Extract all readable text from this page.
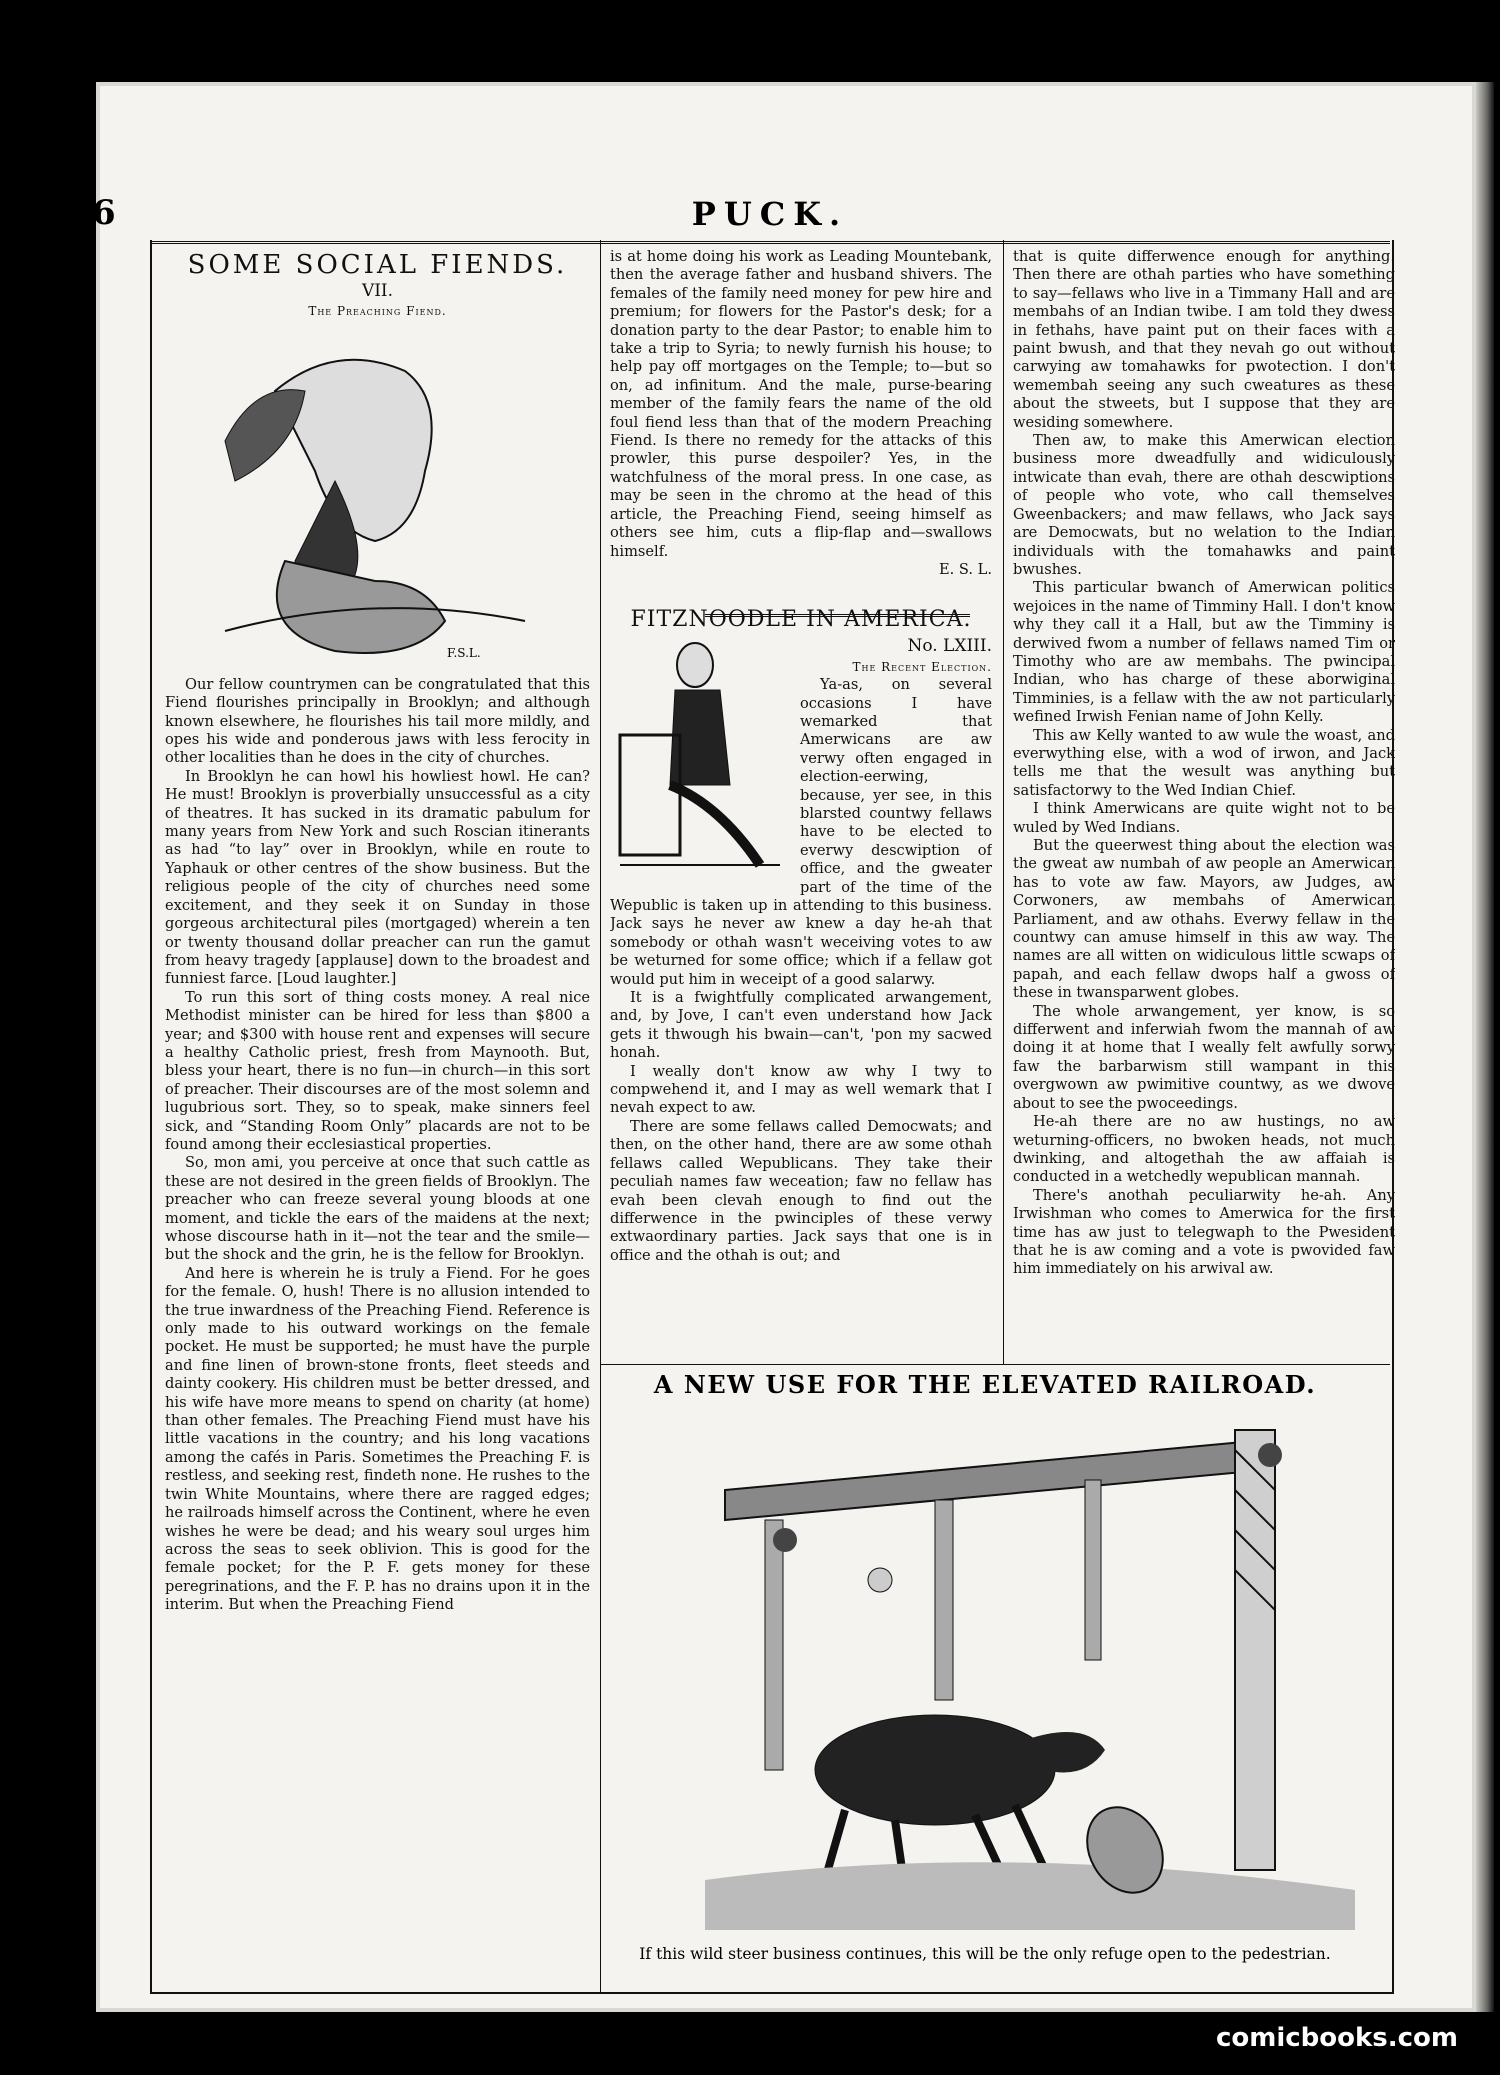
6	PUCK.
SOME SOCIAL FIENDS.
VII.
The Preaching Fiend.
F.S.L.

Our fellow countrymen can be congratulated that this Fiend flourishes principally in Brooklyn; and although known elsewhere, he flourishes his tail more mildly, and opes his wide and ponderous jaws with less ferocity in other localities than he does in the city of churches.

In Brooklyn he can howl his howliest howl. He can? He must! Brooklyn is proverbially unsuccessful as a city of theatres. It has sucked in its dramatic pabulum for many years from New York and such Roscian itinerants as had “to lay” over in Brooklyn, while en route to Yaphauk or other centres of the show business. But the religious people of the city of churches need some excitement, and they seek it on Sunday in those gorgeous architectural piles (mortgaged) wherein a ten or twenty thousand dollar preacher can run the gamut from heavy tragedy [applause] down to the broadest and funniest farce. [Loud laughter.]

To run this sort of thing costs money. A real nice Methodist minister can be hired for less than $800 a year; and $300 with house rent and expenses will secure a healthy Catholic priest, fresh from Maynooth. But, bless your heart, there is no fun—in church—in this sort of preacher. Their discourses are of the most solemn and lugubrious sort. They, so to speak, make sinners feel sick, and “Standing Room Only” placards are not to be found among their ecclesiastical properties.

So, mon ami, you perceive at once that such cattle as these are not desired in the green fields of Brooklyn. The preacher who can freeze several young bloods at one moment, and tickle the ears of the maidens at the next; whose discourse hath in it—not the tear and the smile—but the shock and the grin, he is the fellow for Brooklyn.

And here is wherein he is truly a Fiend. For he goes for the female. O, hush! There is no allusion intended to the true inwardness of the Preaching Fiend. Reference is only made to his outward workings on the female pocket. He must be supported; he must have the purple and fine linen of brown-stone fronts, fleet steeds and dainty cookery. His children must be better dressed, and his wife have more means to spend on charity (at home) than other females. The Preaching Fiend must have his little vacations in the country; and his long vacations among the cafés in Paris. Sometimes the Preaching F. is restless, and seeking rest, findeth none. He rushes to the twin White Mountains, where there are ragged edges; he railroads himself across the Continent, where he even wishes he were be dead; and his weary soul urges him across the seas to seek oblivion. This is good for the female pocket; for the P. F. gets money for these peregrinations, and the F. P. has no drains upon it in the interim. But when the Preaching Fiend

is at home doing his work as Leading Mountebank, then the average father and husband shivers. The females of the family need money for pew hire and premium; for flowers for the Pastor's desk; for a donation party to the dear Pastor; to enable him to take a trip to Syria; to newly furnish his house; to help pay off mortgages on the Temple; to—but so on, ad infinitum. And the male, purse-bearing member of the family fears the name of the old foul fiend less than that of the modern Preaching Fiend. Is there no remedy for the attacks of this prowler, this purse despoiler? Yes, in the watchfulness of the moral press. In one case, as may be seen in the chromo at the head of this article, the Preaching Fiend, seeing himself as others see him, cuts a flip-flap and—swallows himself.

E. S. L.
FITZNOODLE IN AMERICA.
No. LXIII.
The Recent Election.

Ya-as, on several occasions I have wemarked that Amerwicans are aw verwy often engaged in election-eerwing, because, yer see, in this blarsted countwy fellaws have to be elected to everwy descwiption of office, and the gweater part of the time of the Wepublic is taken up in attending to this business. Jack says he never aw knew a day he-ah that somebody or othah wasn't weceiving votes to aw be weturned for some office; which if a fellaw got would put him in weceipt of a good salarwy.

It is a fwightfully complicated arwangement, and, by Jove, I can't even understand how Jack gets it thwough his bwain—can't, 'pon my sacwed honah.

I weally don't know aw why I twy to compwehend it, and I may as well wemark that I nevah expect to aw.

There are some fellaws called Democwats; and then, on the other hand, there are aw some othah fellaws called Wepublicans. They take their peculiah names faw weceation; faw no fellaw has evah been clevah enough to find out the differwence in the pwinciples of these verwy extwaordinary parties. Jack says that one is in office and the othah is out; and

that is quite differwence enough for anything. Then there are othah parties who have something to say—fellaws who live in a Timmany Hall and are membahs of an Indian twibe. I am told they dwess in fethahs, have paint put on their faces with a paint bwush, and that they nevah go out without carwying aw tomahawks for pwotection. I don't wemembah seeing any such cweatures as these about the stweets, but I suppose that they are wesiding somewhere.

Then aw, to make this Amerwican election business more dweadfully and widiculously intwicate than evah, there are othah descwiptions of people who vote, who call themselves Gweenbackers; and maw fellaws, who Jack says are Democwats, but no welation to the Indian individuals with the tomahawks and paint bwushes.

This particular bwanch of Amerwican politics wejoices in the name of Timminy Hall. I don't know why they call it a Hall, but aw the Timminy is derwived fwom a number of fellaws named Tim or Timothy who are aw membahs. The pwincipal Indian, who has charge of these aborwiginal Timminies, is a fellaw with the aw not particularly wefined Irwish Fenian name of John Kelly.

This aw Kelly wanted to aw wule the woast, and everwything else, with a wod of irwon, and Jack tells me that the wesult was anything but satisfactorwy to the Wed Indian Chief.

I think Amerwicans are quite wight not to be wuled by Wed Indians.

But the queerwest thing about the election was the gweat aw numbah of aw people an Amerwican has to vote aw faw. Mayors, aw Judges, aw Corwoners, aw membahs of Amerwican Parliament, and aw othahs. Everwy fellaw in the countwy can amuse himself in this aw way. The names are all witten on widiculous little scwaps of papah, and each fellaw dwops half a gwoss of these in twansparwent globes.

The whole arwangement, yer know, is so differwent and inferwiah fwom the mannah of aw doing it at home that I weally felt awfully sorwy faw the barbarwism still wampant in this overgwown aw pwimitive countwy, as we dwove about to see the pwoceedings.

He-ah there are no aw hustings, no aw weturning-officers, no bwoken heads, not much dwinking, and altogethah the aw affaiah is conducted in a wetchedly wepublican mannah.

There's anothah peculiarwity he-ah. Any Irwishman who comes to Amerwica for the first time has aw just to telegwaph to the Pwesident that he is aw coming and a vote is pwovided faw him immediately on his arwival aw.

A NEW USE FOR THE ELEVATED RAILROAD.
If this wild steer business continues, this will be the only refuge open to the pedestrian.
comicbooks.com
